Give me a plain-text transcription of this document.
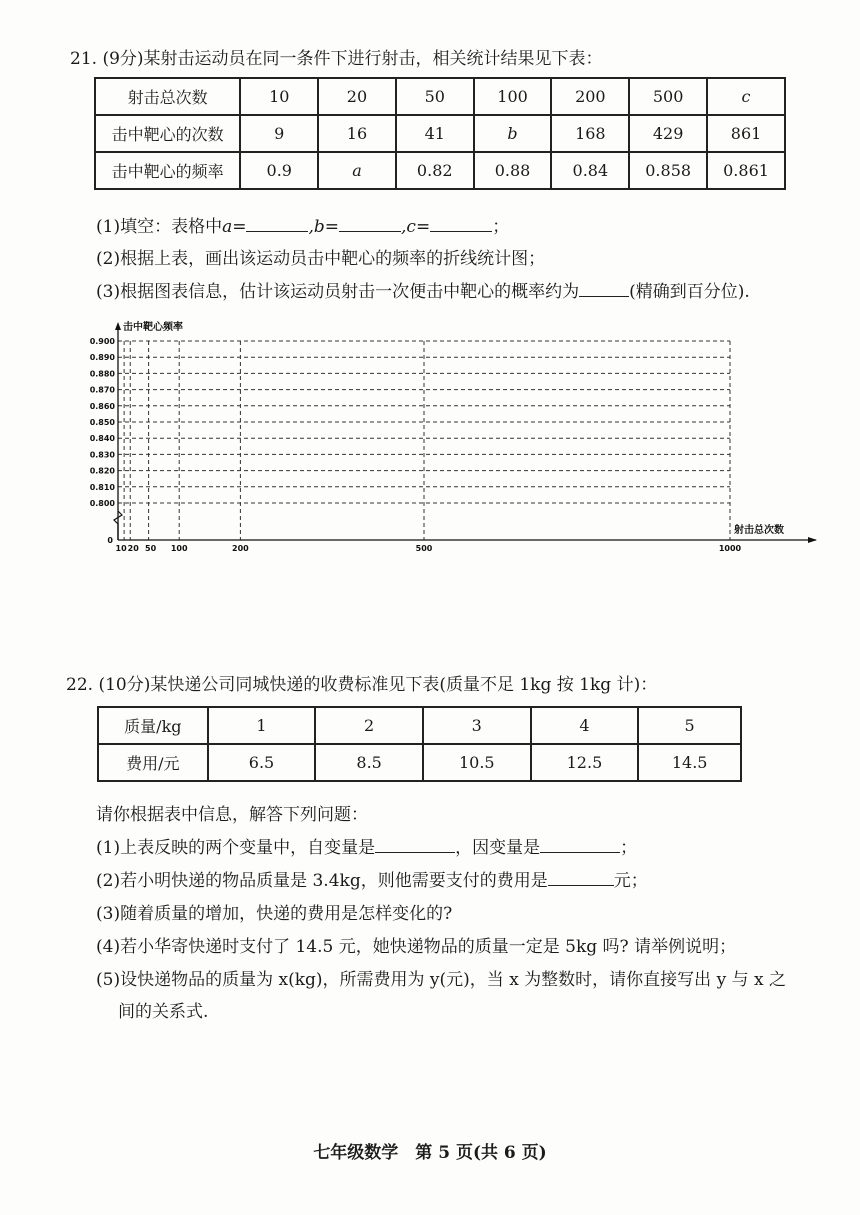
21. (9分)某射击运动员在同一条件下进行射击，相关统计结果见下表：
射击总次数	10	20	50	100	200	500	c
击中靶心的次数	9	16	41	b	168	429	861
击中靶心的频率	0.9	a	0.82	0.88	0.84	0.858	0.861
(1)填空：表格中a=	,b=	,c=	；
(2)根据上表，画出该运动员击中靶心的频率的折线统计图；
(3)根据图表信息，估计该运动员射击一次便击中靶心的概率约为	(精确到百分位).
0.900
0.890
0.880
0.870
0.860
0.850
0.840
0.830
0.820
0.810
0.800
10 20 50 100	200	500	1000
击中靶心频率
0
射击总次数
22. (10分)某快递公司同城快递的收费标准见下表(质量不足 1kg 按 1kg 计)：
质量/kg	1	2	3	4	5
费用/元	6.5	8.5	10.5	12.5	14.5
请你根据表中信息，解答下列问题：
(1)上表反映的两个变量中，自变量是	，因变量是	；
(2)若小明快递的物品质量是 3.4kg，则他需要支付的费用是	元；
(3)随着质量的增加，快递的费用是怎样变化的?
(4)若小华寄快递时支付了 14.5 元，她快递物品的质量一定是 5kg 吗? 请举例说明；
(5)设快递物品的质量为 x(kg)，所需费用为 y(元)，当 x 为整数时，请你直接写出 y 与 x 之
间的关系式.
七年级数学　第 5 页(共 6 页)
